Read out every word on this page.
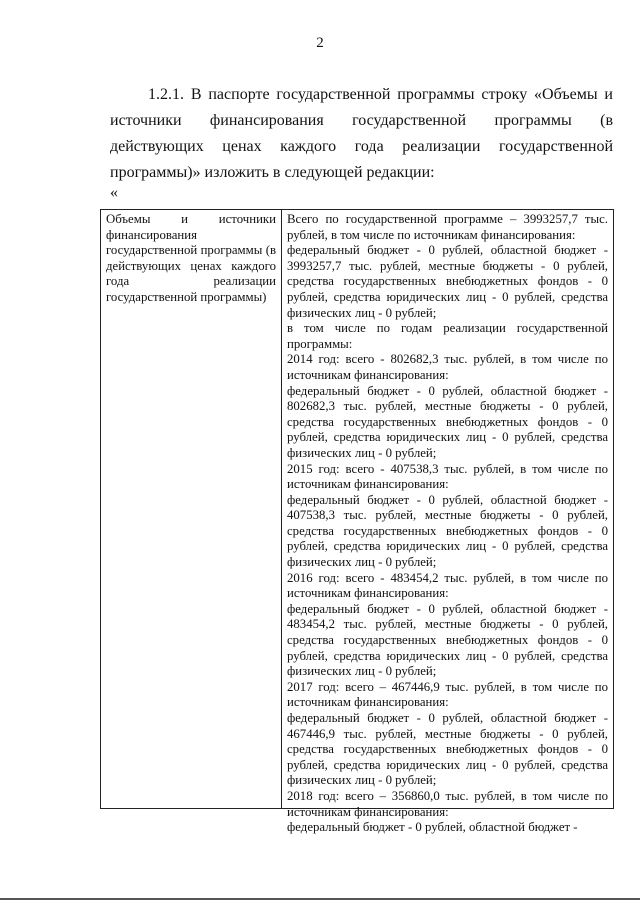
2
1.2.1. В паспорте государственной программы строку «Объемы и источники финансирования государственной программы (в действующих ценах каждого года реализации государственной программы)» изложить в следующей редакции:
«
Объемы и источники финансирования государственной программы (в действующих ценах каждого года реализации государственной программы)

Всего по государственной программе – 3993257,7 тыс. рублей, в том числе по источникам финансирования:
федеральный бюджет - 0 рублей, областной бюджет - 3993257,7 тыс. рублей, местные бюджеты - 0 рублей, средства государственных внебюджетных фондов - 0 рублей, средства юридических лиц - 0 рублей, средства физических лиц - 0 рублей;
в том числе по годам реализации государственной программы:
2014 год: всего - 802682,3 тыс. рублей, в том числе по источникам финансирования:
федеральный бюджет - 0 рублей, областной бюджет - 802682,3 тыс. рублей, местные бюджеты - 0 рублей, средства государственных внебюджетных фондов - 0 рублей, средства юридических лиц - 0 рублей, средства физических лиц - 0 рублей;
2015 год: всего - 407538,3 тыс. рублей, в том числе по источникам финансирования:
федеральный бюджет - 0 рублей, областной бюджет - 407538,3 тыс. рублей, местные бюджеты - 0 рублей, средства государственных внебюджетных фондов - 0 рублей, средства юридических лиц - 0 рублей, средства физических лиц - 0 рублей;
2016 год: всего - 483454,2 тыс. рублей, в том числе по источникам финансирования:
федеральный бюджет - 0 рублей, областной бюджет - 483454,2 тыс. рублей, местные бюджеты - 0 рублей, средства государственных внебюджетных фондов - 0 рублей, средства юридических лиц - 0 рублей, средства физических лиц - 0 рублей;
2017 год: всего – 467446,9 тыс. рублей, в том числе по источникам финансирования:
федеральный бюджет - 0 рублей, областной бюджет - 467446,9 тыс. рублей, местные бюджеты - 0 рублей, средства государственных внебюджетных фондов - 0 рублей, средства юридических лиц - 0 рублей, средства физических лиц - 0 рублей;
2018 год: всего – 356860,0 тыс. рублей, в том числе по источникам финансирования:
федеральный бюджет - 0 рублей, областной бюджет -
